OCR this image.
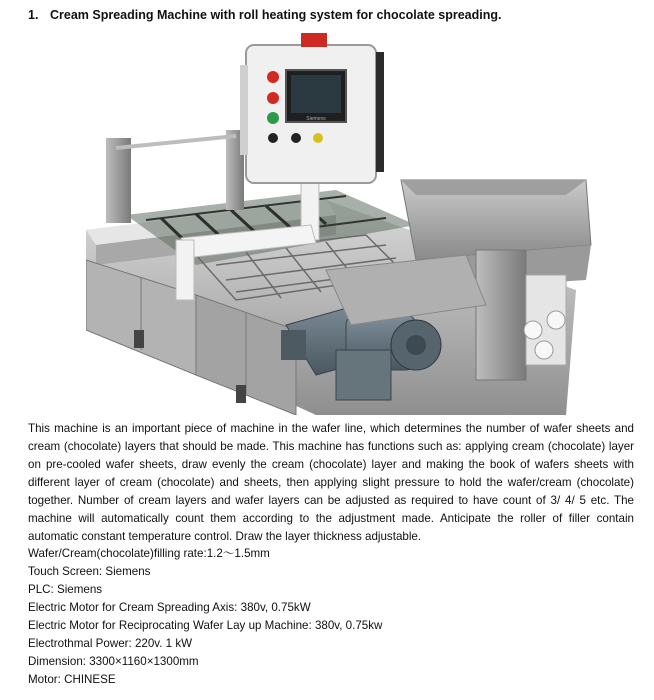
1. Cream Spreading Machine with roll heating system for chocolate spreading.
Siemens
This machine is an important piece of machine in the wafer line, which determines the number of wafer sheets and cream (chocolate) layers that should be made. This machine has functions such as: applying cream (chocolate) layer on pre-cooled wafer sheets, draw evenly the cream (chocolate) layer and making the book of wafers sheets with different layer of cream (chocolate) and sheets, then applying slight pressure to hold the wafer/cream (chocolate) together. Number of cream layers and wafer layers can be adjusted as required to have count of 3/ 4/ 5 etc. The machine will automatically count them according to the adjustment made. Anticipate the roller of filler contain automatic constant temperature control. Draw the layer thickness adjustable.
Wafer/Cream(chocolate)filling rate:1.2～1.5mm
Touch Screen: Siemens
PLC: Siemens
Electric Motor for Cream Spreading Axis: 380v, 0.75kW
Electric Motor for Reciprocating Wafer Lay up Machine: 380v, 0.75kw
Electrothmal Power: 220v. 1 kW
Dimension: 3300×1160×1300mm
Motor: CHINESE
